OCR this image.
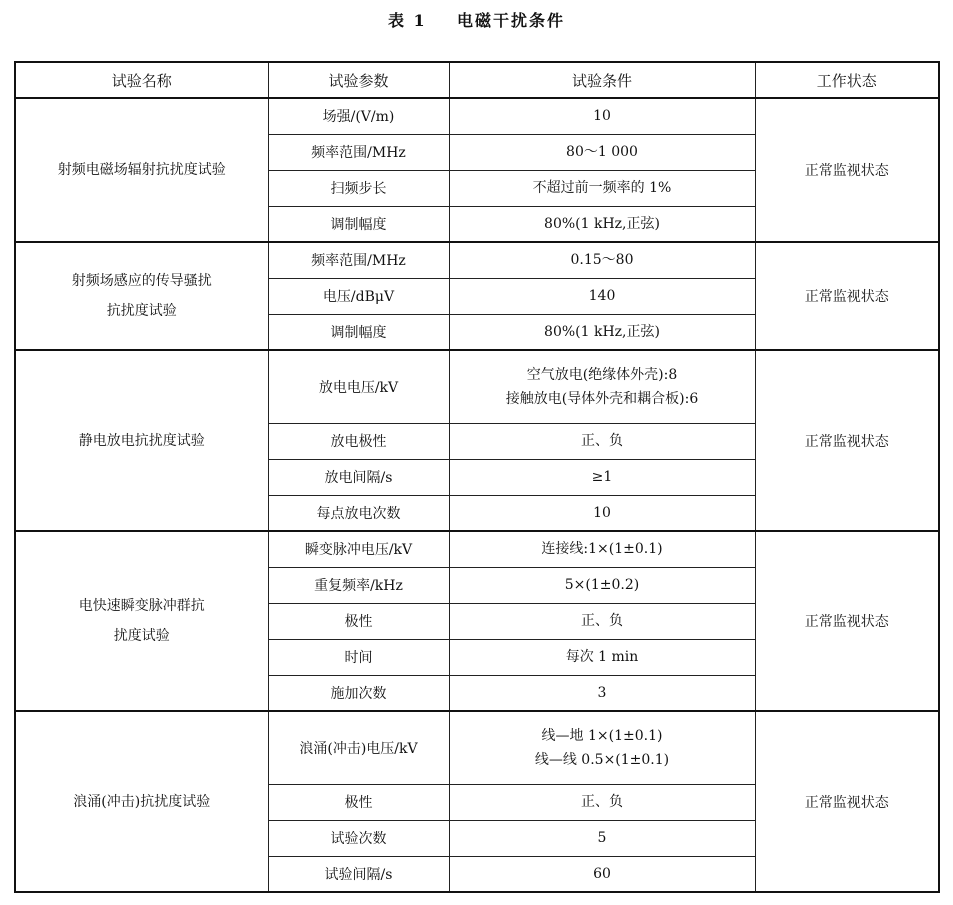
表 1 电磁干扰条件
试验名称	试验参数	试验条件	工作状态

射频电磁场辐射抗扰度试验	场强/(V/m)	10	正常监视状态
	频率范围/MHz	80～1 000	

	扫频步长	不超过前一频率的 1%	

	调制幅度	80%(1 kHz,正弦)	

射频场感应的传导骚扰
抗扰度试验	频率范围/MHz	0.15～80	正常监视状态
	电压/dBμV	140	

	调制幅度	80%(1 kHz,正弦)	

静电放电抗扰度试验	放电电压/kV	空气放电(绝缘体外壳):8
接触放电(导体外壳和耦合板):6	正常监视状态
	放电极性	正、负	

	放电间隔/s	≥1	

	每点放电次数	10	

电快速瞬变脉冲群抗
扰度试验	瞬变脉冲电压/kV	连接线:1×(1±0.1)	正常监视状态
	重复频率/kHz	5×(1±0.2)	

	极性	正、负	

	时间	每次 1 min	

	施加次数	3	

浪涌(冲击)抗扰度试验	浪涌(冲击)电压/kV	线—地 1×(1±0.1)
线—线 0.5×(1±0.1)	正常监视状态
	极性	正、负	

	试验次数	5	

	试验间隔/s	60	
